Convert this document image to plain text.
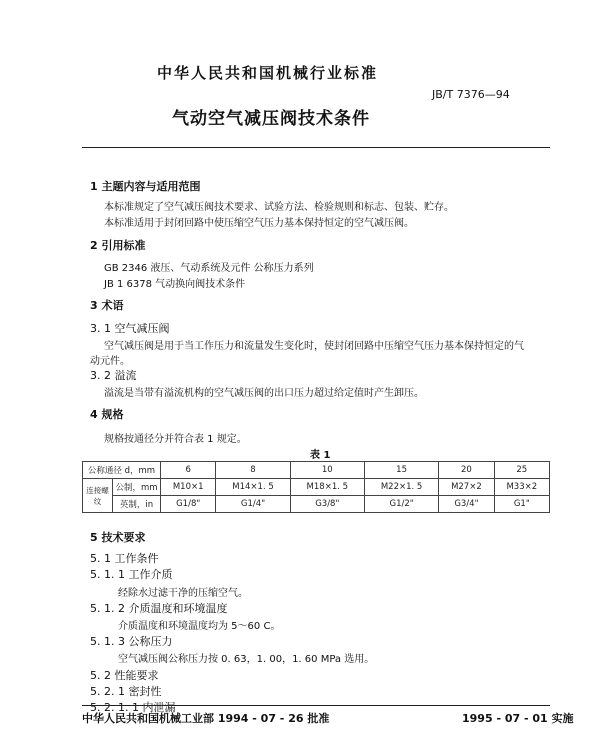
中华人民共和国机械行业标准
JB/T 7376—94
气动空气减压阀技术条件
1 主题内容与适用范围
本标准规定了空气减压阀技术要求、试验方法、检验规则和标志、包装、贮存。
本标准适用于封闭回路中使压缩空气压力基本保持恒定的空气减压阀。
2 引用标准
GB 2346 液压、气动系统及元件 公称压力系列
JB 1 6378 气动换向阀技术条件
3 术语
3. 1 空气减压阀
空气减压阀是用于当工作压力和流量发生变化时，使封闭回路中压缩空气压力基本保持恒定的气
动元件。
3. 2 溢流
溢流是当带有溢流机构的空气减压阀的出口压力超过给定值时产生卸压。
4 规格
规格按通径分并符合表 1 规定。
表 1
公称通径 d，mm		6	8	10	15	20	25
连接螺纹	公制，mm	M10×1	M14×1. 5	M18×1. 5	M22×1. 5	M27×2	M33×2
	英制，in	G1/8"	G1/4"	G3/8"	G1/2"	G3/4"	G1"
5 技术要求
5. 1 工作条件
5. 1. 1 工作介质
经除水过滤干净的压缩空气。
5. 1. 2 介质温度和环境温度
介质温度和环境温度均为 5～60 C。
5. 1. 3 公称压力
空气减压阀公称压力按 0. 63，1. 00，1. 60 MPa 选用。
5. 2 性能要求
5. 2. 1 密封性
5. 2. 1. 1 内泄漏
中华人民共和国机械工业部 1994 - 07 - 26 批准	1995 - 07 - 01 实施
